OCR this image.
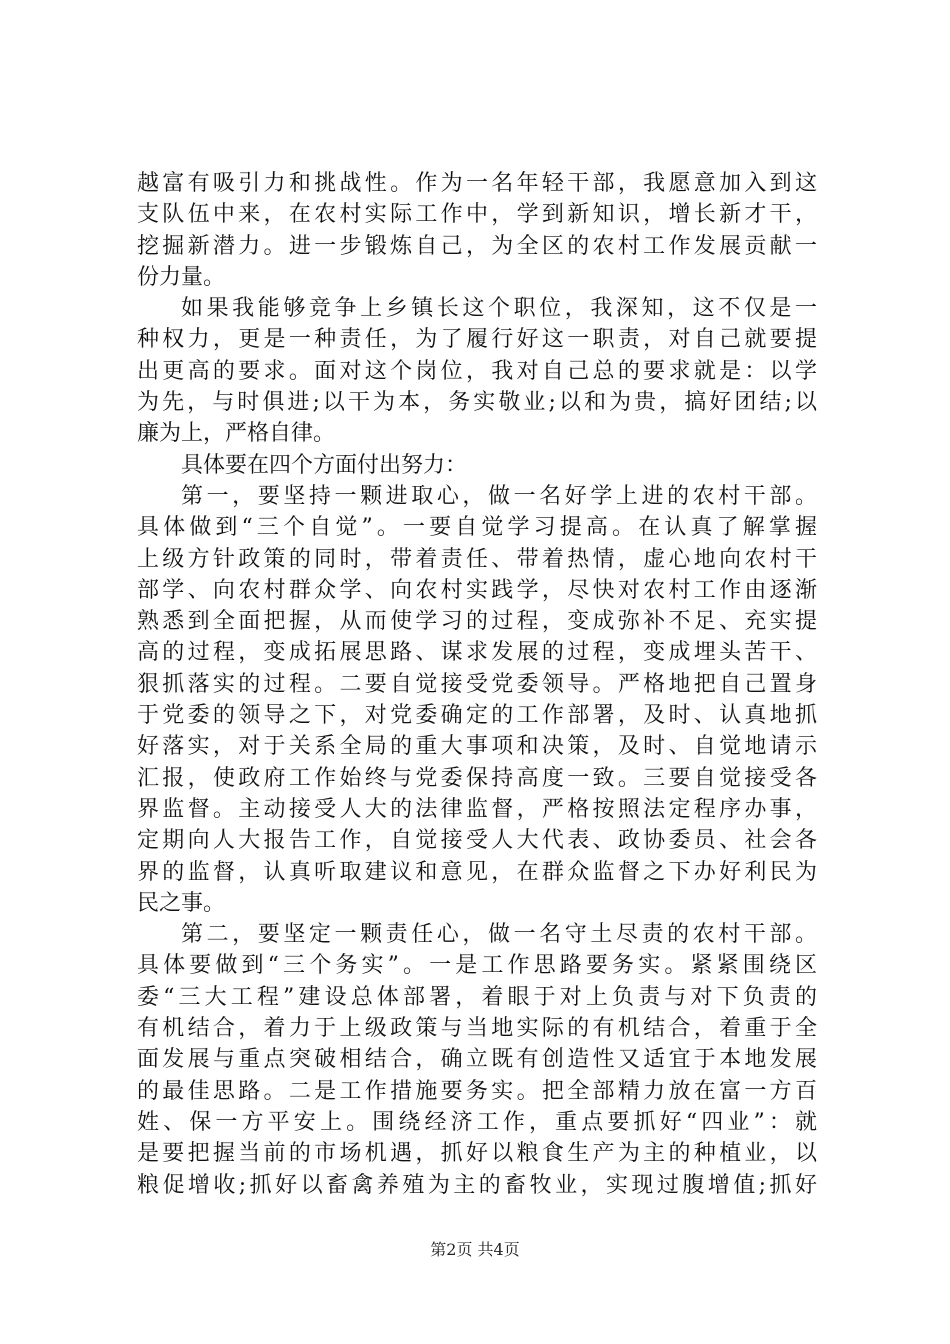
越富有吸引力和挑战性。作为一名年轻干部，我愿意加入到这
支队伍中来，在农村实际工作中，学到新知识，增长新才干，
挖掘新潜力。进一步锻炼自己，为全区的农村工作发展贡献一
份力量。
如果我能够竞争上乡镇长这个职位，我深知，这不仅是一
种权力，更是一种责任，为了履行好这一职责，对自己就要提
出更高的要求。面对这个岗位，我对自己总的要求就是：以学
为先，与时俱进;以干为本，务实敬业;以和为贵，搞好团结;以
廉为上，严格自律。
具体要在四个方面付出努力：
第一，要坚持一颗进取心，做一名好学上进的农村干部。
具体做到“三个自觉”。一要自觉学习提高。在认真了解掌握
上级方针政策的同时，带着责任、带着热情，虚心地向农村干
部学、向农村群众学、向农村实践学，尽快对农村工作由逐渐
熟悉到全面把握，从而使学习的过程，变成弥补不足、充实提
高的过程，变成拓展思路、谋求发展的过程，变成埋头苦干、
狠抓落实的过程。二要自觉接受党委领导。严格地把自己置身
于党委的领导之下，对党委确定的工作部署，及时、认真地抓
好落实，对于关系全局的重大事项和决策，及时、自觉地请示
汇报，使政府工作始终与党委保持高度一致。三要自觉接受各
界监督。主动接受人大的法律监督，严格按照法定程序办事，
定期向人大报告工作，自觉接受人大代表、政协委员、社会各
界的监督，认真听取建议和意见，在群众监督之下办好利民为
民之事。
第二，要坚定一颗责任心，做一名守土尽责的农村干部。
具体要做到“三个务实”。一是工作思路要务实。紧紧围绕区
委“三大工程”建设总体部署，着眼于对上负责与对下负责的
有机结合，着力于上级政策与当地实际的有机结合，着重于全
面发展与重点突破相结合，确立既有创造性又适宜于本地发展
的最佳思路。二是工作措施要务实。把全部精力放在富一方百
姓、保一方平安上。围绕经济工作，重点要抓好“四业”：就
是要把握当前的市场机遇，抓好以粮食生产为主的种植业，以
粮促增收;抓好以畜禽养殖为主的畜牧业，实现过腹增值;抓好
第2页 共4页
